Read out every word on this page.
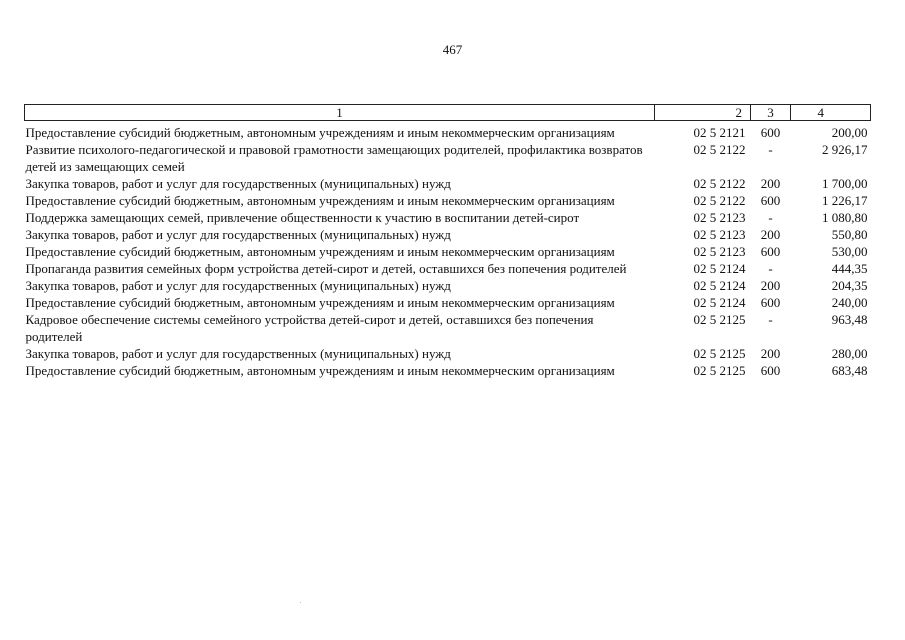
467
1	2	3	4
Предоставление субсидий бюджетным, автономным учреждениям и иным некоммерческим организациям	02 5 2121	600	200,00
Развитие психолого-педагогической и правовой грамотности замещающих родителей, профилактика возвратов детей из замещающих семей	02 5 2122	-	2 926,17
Закупка товаров, работ и услуг для государственных (муниципальных) нужд	02 5 2122	200	1 700,00
Предоставление субсидий бюджетным, автономным учреждениям и иным некоммерческим организациям	02 5 2122	600	1 226,17
Поддержка замещающих семей, привлечение общественности к участию в воспитании детей-сирот	02 5 2123	-	1 080,80
Закупка товаров, работ и услуг для государственных (муниципальных) нужд	02 5 2123	200	550,80
Предоставление субсидий бюджетным, автономным учреждениям и иным некоммерческим организациям	02 5 2123	600	530,00
Пропаганда развития семейных форм устройства детей-сирот и детей, оставшихся без попечения родителей	02 5 2124	-	444,35
Закупка товаров, работ и услуг для государственных (муниципальных) нужд	02 5 2124	200	204,35
Предоставление субсидий бюджетным, автономным учреждениям и иным некоммерческим организациям	02 5 2124	600	240,00
Кадровое обеспечение системы семейного устройства детей-сирот и детей, оставшихся без попечения родителей	02 5 2125	-	963,48
Закупка товаров, работ и услуг для государственных (муниципальных) нужд	02 5 2125	200	280,00
Предоставление субсидий бюджетным, автономным учреждениям и иным некоммерческим организациям	02 5 2125	600	683,48
